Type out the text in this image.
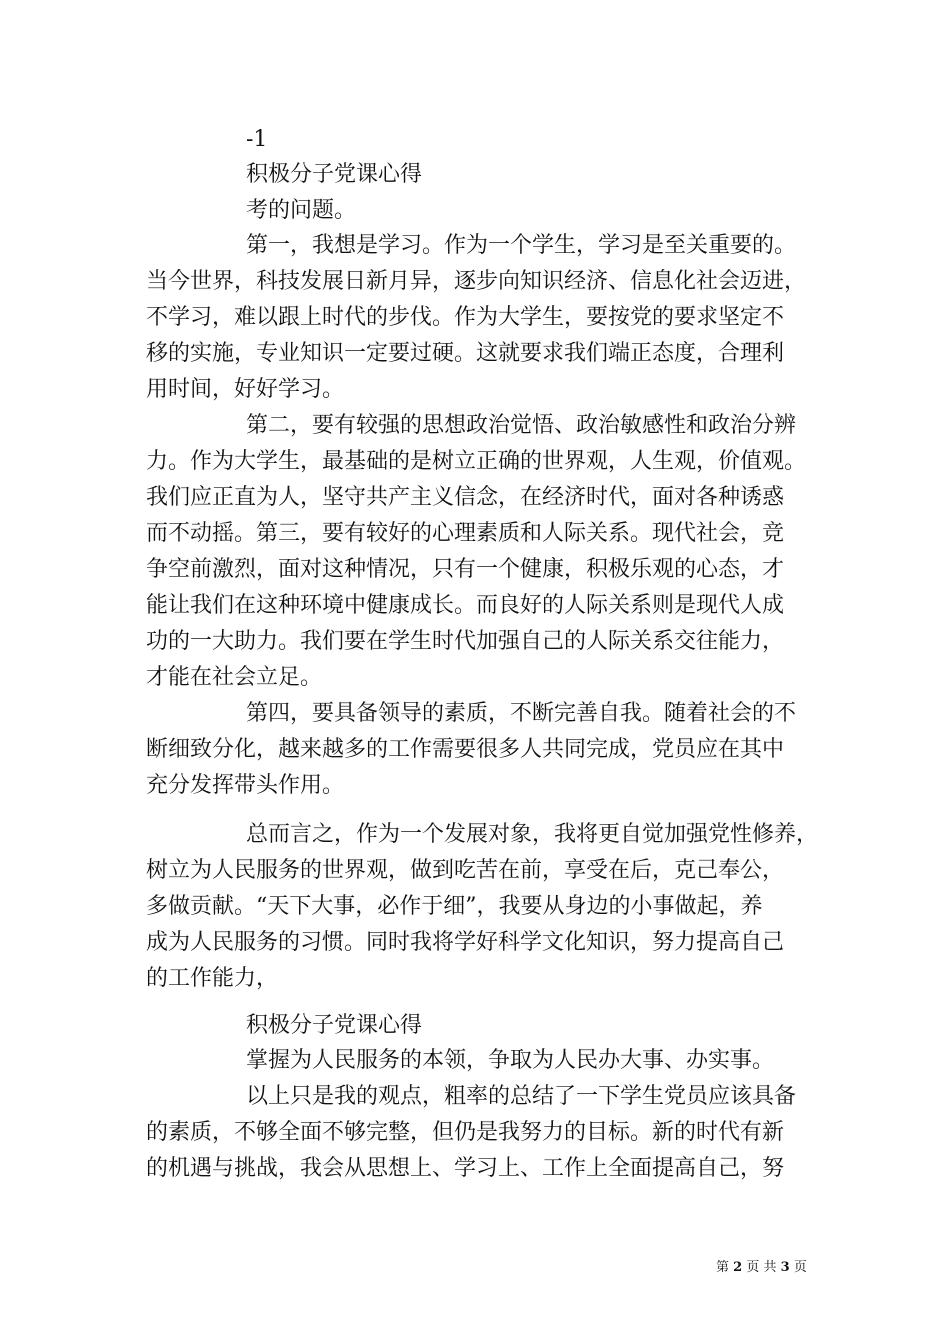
-1
积极分子党课心得
考的问题。
第一，我想是学习。作为一个学生，学习是至关重要的。
当今世界，科技发展日新月异，逐步向知识经济、信息化社会迈进，
不学习，难以跟上时代的步伐。作为大学生，要按党的要求坚定不
移的实施，专业知识一定要过硬。这就要求我们端正态度，合理利
用时间，好好学习。
第二，要有较强的思想政治觉悟、政治敏感性和政治分辨
力。作为大学生，最基础的是树立正确的世界观，人生观，价值观。
我们应正直为人，坚守共产主义信念，在经济时代，面对各种诱惑
而不动摇。第三，要有较好的心理素质和人际关系。现代社会，竞
争空前激烈，面对这种情况，只有一个健康，积极乐观的心态，才
能让我们在这种环境中健康成长。而良好的人际关系则是现代人成
功的一大助力。我们要在学生时代加强自己的人际关系交往能力，
才能在社会立足。
第四，要具备领导的素质，不断完善自我。随着社会的不
断细致分化，越来越多的工作需要很多人共同完成，党员应在其中
充分发挥带头作用。
总而言之，作为一个发展对象，我将更自觉加强党性修养，
树立为人民服务的世界观，做到吃苦在前，享受在后，克己奉公，
多做贡献。“天下大事，必作于细”，我要从身边的小事做起，养
成为人民服务的习惯。同时我将学好科学文化知识，努力提高自己
的工作能力，
积极分子党课心得
掌握为人民服务的本领，争取为人民办大事、办实事。
以上只是我的观点，粗率的总结了一下学生党员应该具备
的素质，不够全面不够完整，但仍是我努力的目标。新的时代有新
的机遇与挑战，我会从思想上、学习上、工作上全面提高自己，努
第 2 页 共 3 页
